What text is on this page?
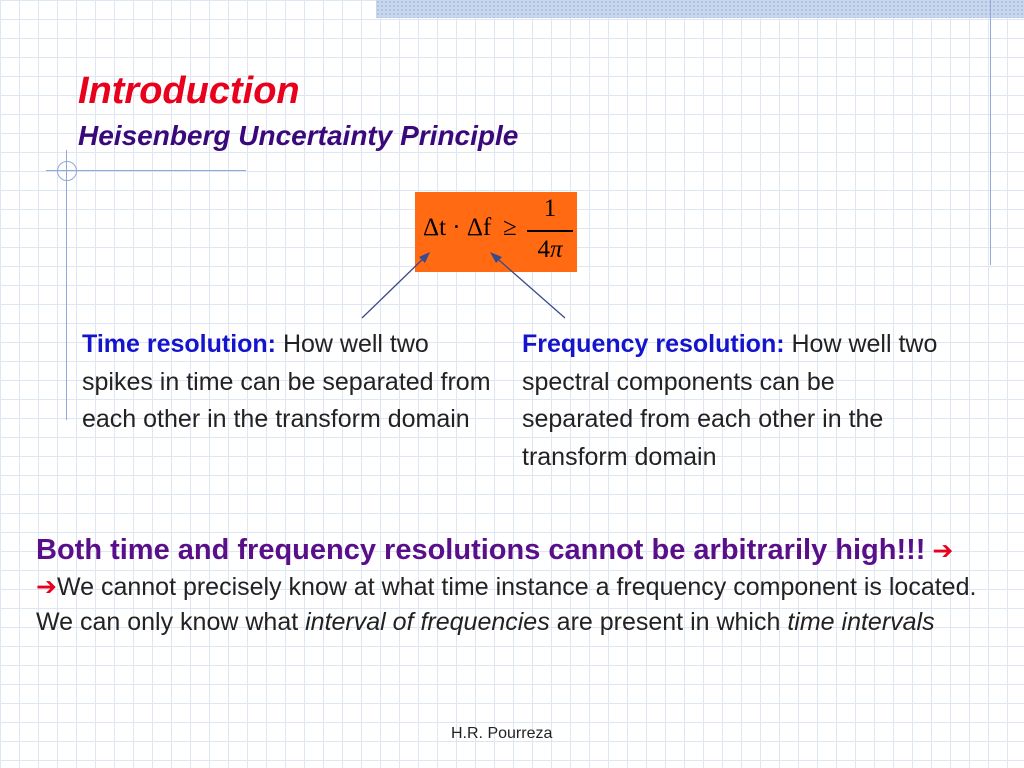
Introduction
Heisenberg Uncertainty Principle
Δt · Δf ≥
1
4π
Time resolution: How well two spikes in time can be separated from each other in the transform domain
Frequency resolution: How well two spectral components can be separated from each other in the transform domain
Both time and frequency resolutions cannot be arbitrarily high!!! ➔ ➔We cannot precisely know at what time instance a frequency component is located. We can only know what interval of frequencies are present in which time intervals
H.R. Pourreza
